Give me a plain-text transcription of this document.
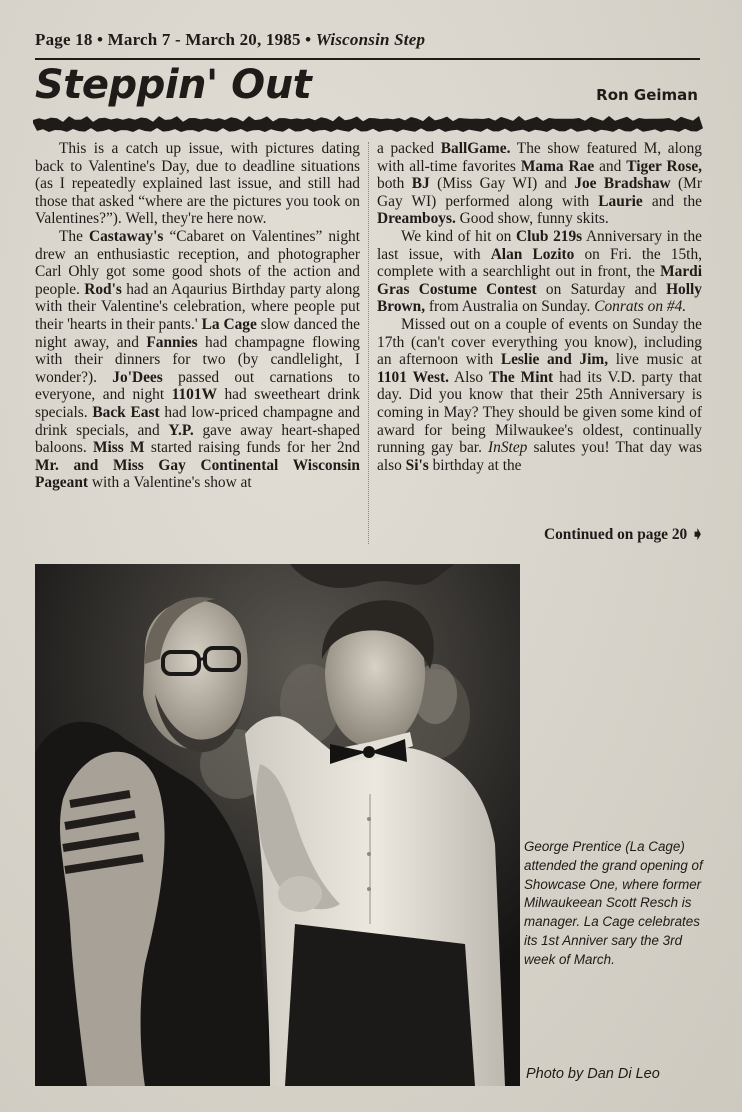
Page 18 • March 7 - March 20, 1985 • Wisconsin Step
Steppin' Out	Ron Geiman

This is a catch up issue, with pictures dating back to Valentine's Day, due to deadline situations (as I repeatedly explained last issue, and still had those that asked “where are the pictures you took on Valentines?”). Well, they're here now.

The Castaway's “Cabaret on Valentines” night drew an enthusiastic reception, and photographer Carl Ohly got some good shots of the action and people. Rod's had an Aqaurius Birthday party along with their Valentine's celebration, where people put their 'hearts in their pants.' La Cage slow danced the night away, and Fannies had champagne flowing with their dinners for two (by candlelight, I wonder?). Jo'Dees passed out carnations to everyone, and night 1101W had sweetheart drink specials. Back East had low-priced champagne and drink specials, and Y.P. gave away heart-shaped baloons. Miss M started raising funds for her 2nd Mr. and Miss Gay Continental Wisconsin Pageant with a Valentine's show at

a packed BallGame. The show featured M, along with all-time favorites Mama Rae and Tiger Rose, both BJ (Miss Gay WI) and Joe Bradshaw (Mr Gay WI) performed along with Laurie and the Dreamboys. Good show, funny skits.

We kind of hit on Club 219s Anniversary in the last issue, with Alan Lozito on Fri. the 15th, complete with a searchlight out in front, the Mardi Gras Costume Contest on Saturday and Holly Brown, from Australia on Sunday. Conrats on #4.

Missed out on a couple of events on Sunday the 17th (can't cover everything you know), including an afternoon with Leslie and Jim, live music at 1101 West. Also The Mint had its V.D. party that day. Did you know that their 25th Anniversary is coming in May? They should be given some kind of award for being Milwaukee's oldest, continually running gay bar. InStep salutes you! That day was also Si's birthday at the

Continued on page 20 ➧
George Prentice (La Cage) attended the grand opening of Showcase One, where former Milwaukeean Scott Resch is manager. La Cage celebrates its 1st Anniver sary the 3rd week of March.
Photo by Dan Di Leo
